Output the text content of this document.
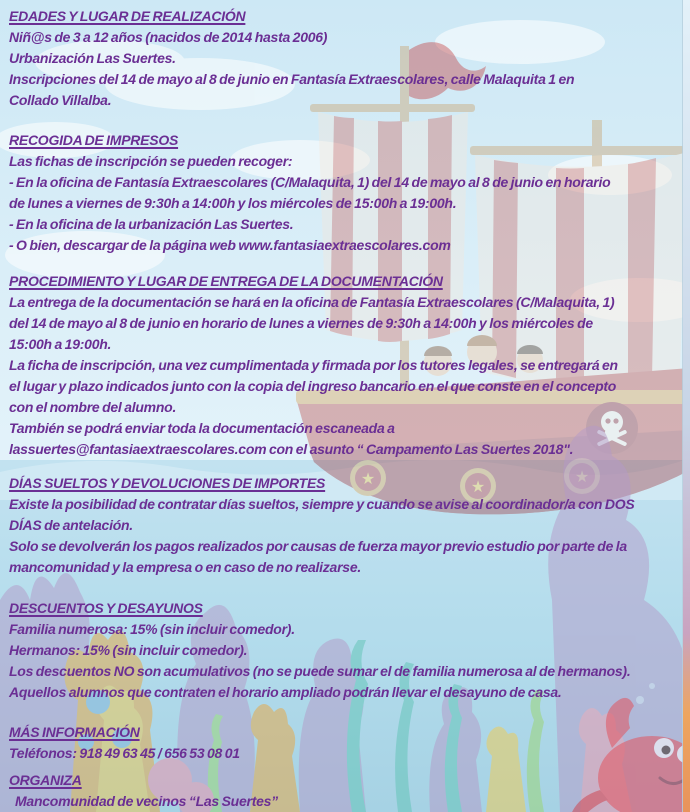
★	★
EDADES Y LUGAR DE REALIZACIÓN
Niñ@s de 3 a 12 años (nacidos de 2014 hasta 2006)
Urbanización Las Suertes.
Inscripciones del 14 de mayo al 8 de junio en Fantasía Extraescolares, calle Malaquita 1 en
Collado Villalba.
RECOGIDA DE IMPRESOS
Las fichas de inscripción se pueden recoger:
- En la oficina de Fantasía Extraescolares (C/Malaquita, 1) del 14 de mayo al 8 de junio en horario
de lunes a viernes de 9:30h a 14:00h y los miércoles de 15:00h a 19:00h.
- En la oficina de la urbanización Las Suertes.
- O bien, descargar de la página web www.fantasiaextraescolares.com
PROCEDIMIENTO Y LUGAR DE ENTREGA DE LA DOCUMENTACIÓN
La entrega de la documentación se hará en la oficina de Fantasía Extraescolares (C/Malaquita, 1)
del 14 de mayo al 8 de junio en horario de lunes a viernes de 9:30h a 14:00h y los miércoles de
15:00h a 19:00h.
La ficha de inscripción, una vez cumplimentada y firmada por los tutores legales, se entregará en
el lugar y plazo indicados junto con la copia del ingreso bancario en el que conste en el concepto
con el nombre del alumno.
También se podrá enviar toda la documentación escaneada a
lassuertes@fantasiaextraescolares.com con el asunto “ Campamento Las Suertes 2018".
DÍAS SUELTOS Y DEVOLUCIONES DE IMPORTES
Existe la posibilidad de contratar días sueltos, siempre y cuando se avise al coordinador/a con DOS
DÍAS de antelación.
Solo se devolverán los pagos realizados por causas de fuerza mayor previo estudio por parte de la
mancomunidad y la empresa o en caso de no realizarse.
DESCUENTOS Y DESAYUNOS
Familia numerosa: 15% (sin incluir comedor).
Hermanos: 15% (sin incluir comedor).
Los descuentos NO son acumulativos (no se puede sumar el de familia numerosa al de hermanos).
Aquellos alumnos que contraten el horario ampliado podrán llevar el desayuno de casa.
MÁS INFORMACIÓN
Teléfonos: 918 49 63 45 / 656 53 08 01
ORGANIZA
Mancomunidad de vecinos “Las Suertes”
